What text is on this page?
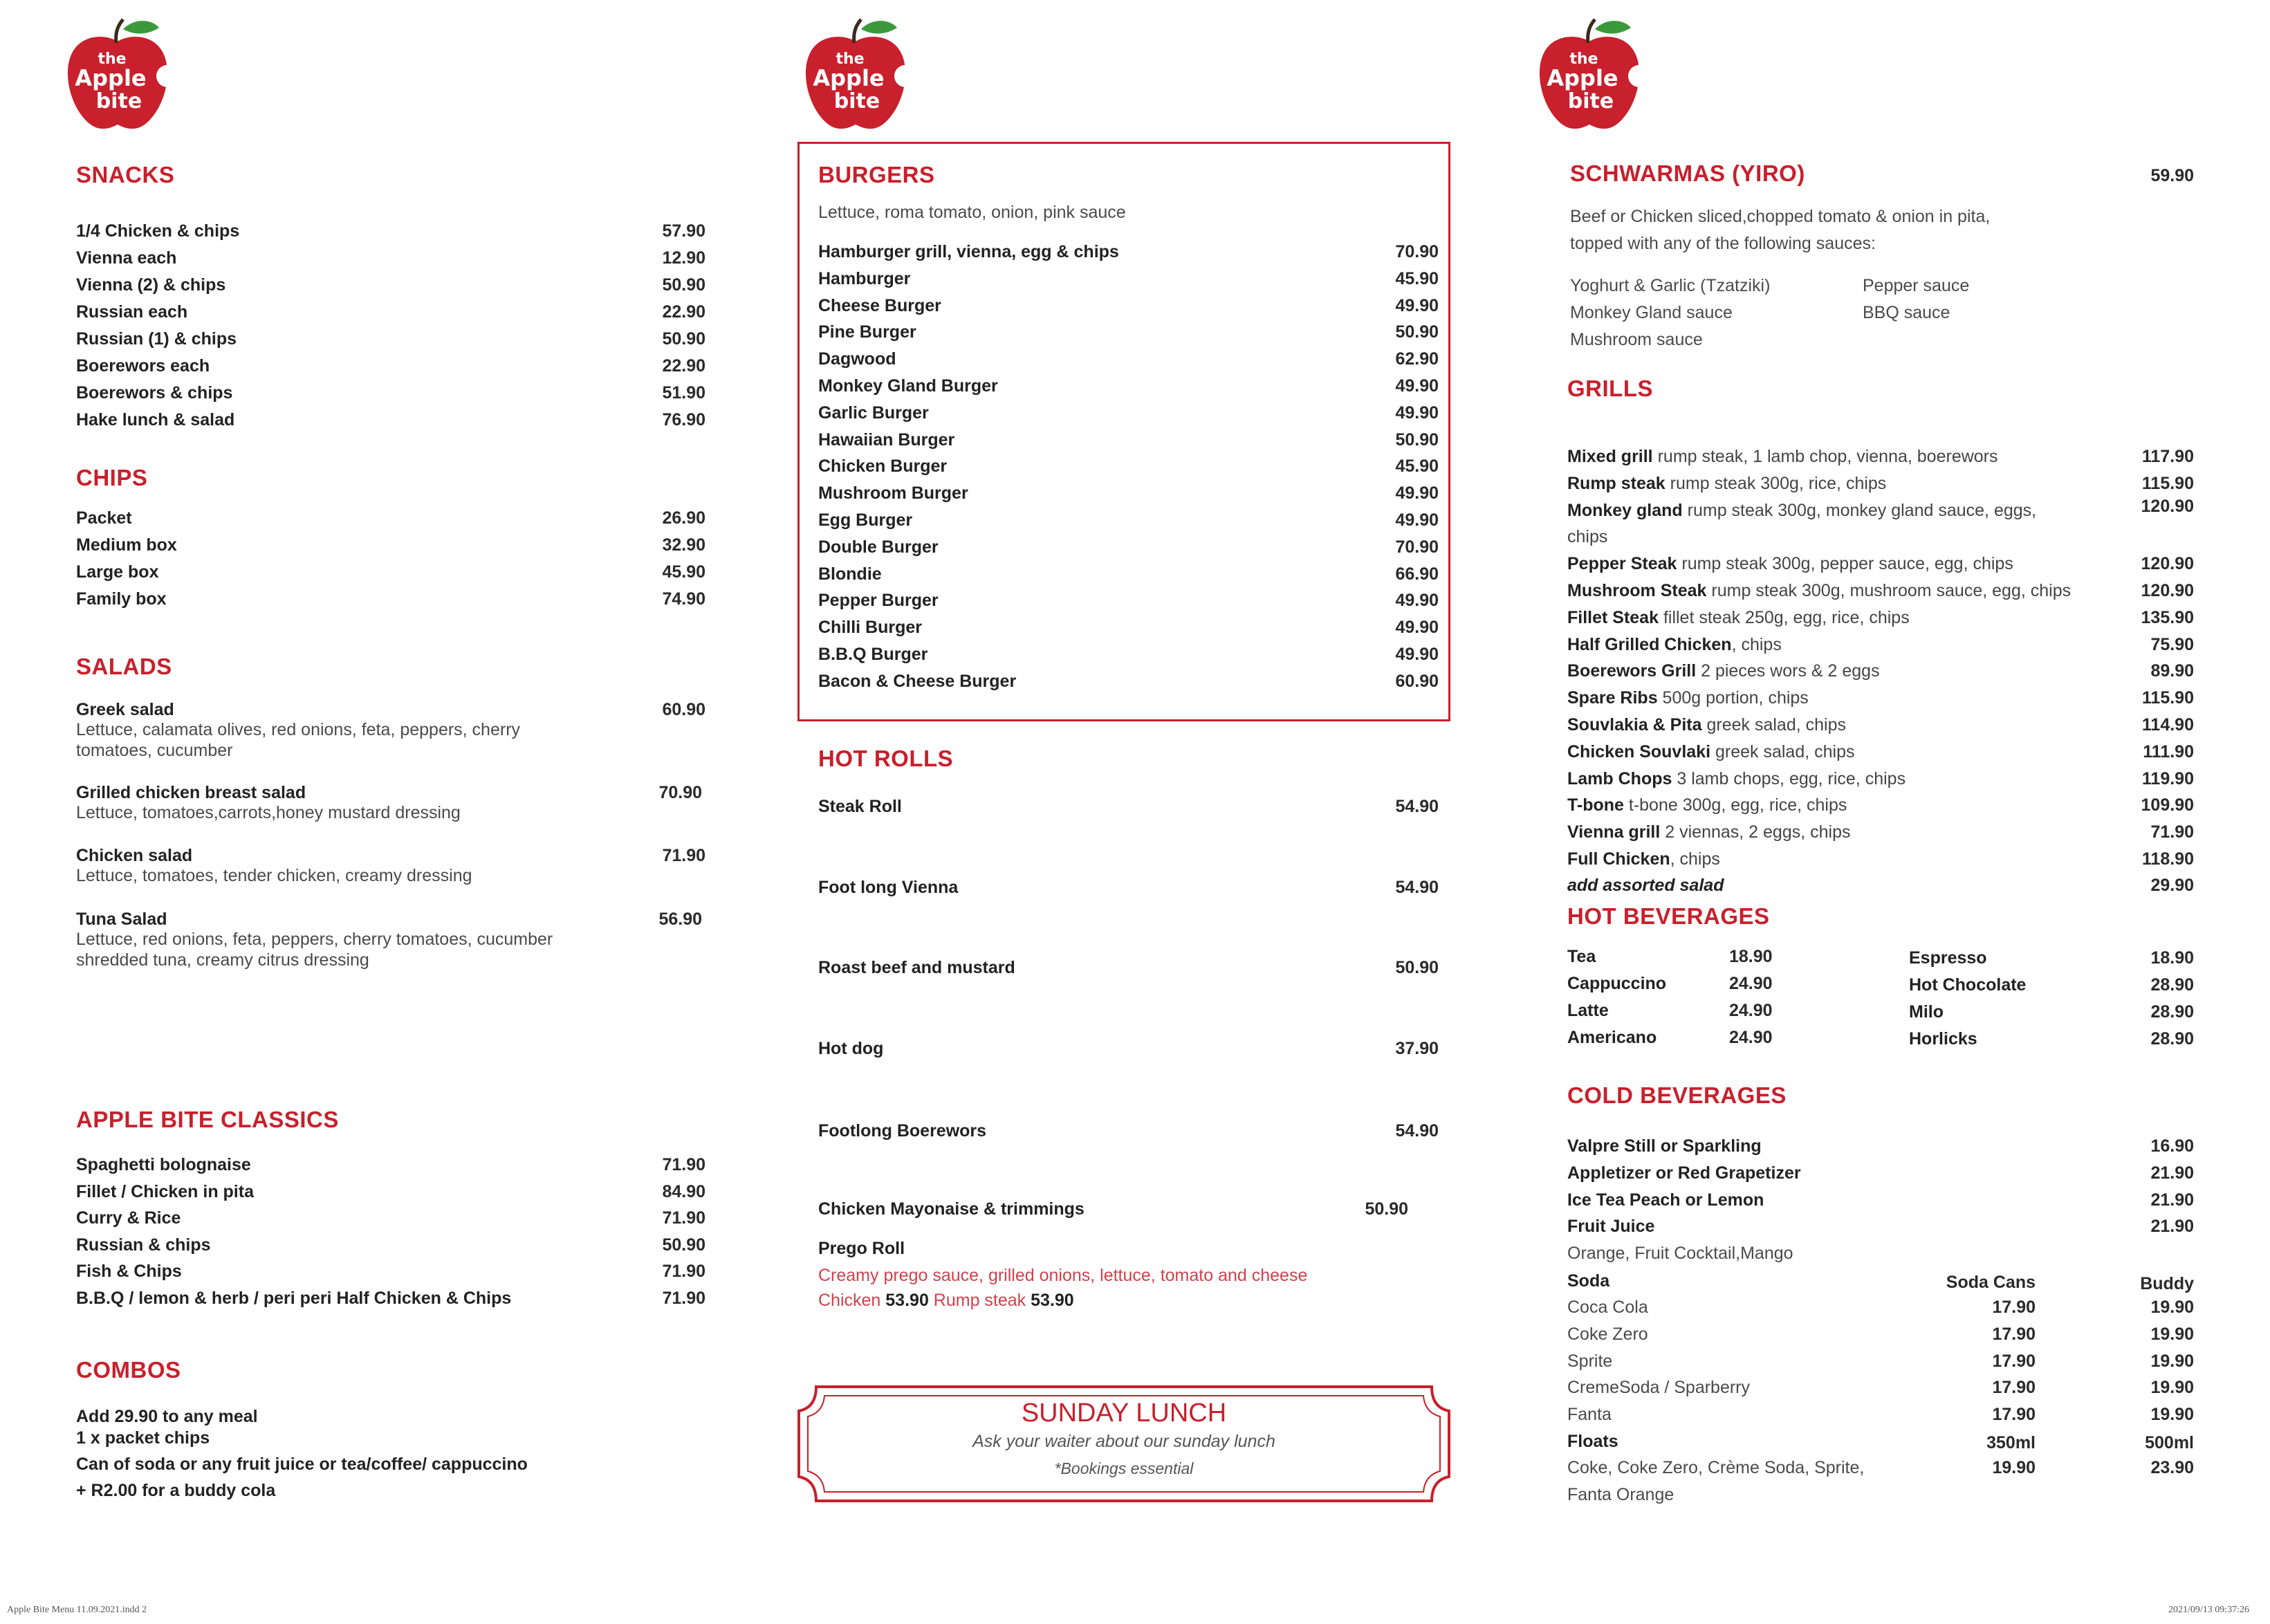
the
Apple
bite
SNACKS
CHIPS
SALADS
APPLE BITE CLASSICS
COMBOS
1/4 Chicken & chips	57.90
Vienna each	12.90
Vienna (2) & chips	50.90
Russian each	22.90
Russian (1) & chips	50.90
Boerewors each	22.90
Boerewors & chips	51.90
Hake lunch & salad	76.90
Packet	26.90
Medium box	32.90
Large box	45.90
Family box	74.90
Greek salad	60.90
Lettuce, calamata olives, red onions, feta, peppers, cherry
tomatoes, cucumber
Grilled chicken breast salad	70.90
Lettuce, tomatoes,carrots,honey mustard dressing
Chicken salad	71.90
Lettuce, tomatoes, tender chicken, creamy dressing
Tuna Salad	56.90
Lettuce, red onions, feta, peppers, cherry tomatoes, cucumber
shredded tuna, creamy citrus dressing
Spaghetti bolognaise	71.90
Fillet / Chicken in pita	84.90
Curry & Rice	71.90
Russian & chips	50.90
Fish & Chips	71.90
B.B.Q / lemon & herb / peri peri Half Chicken & Chips	71.90
Add 29.90 to any meal
1 x packet chips
Can of soda or any fruit juice or tea/coffee/ cappuccino
+ R2.00 for a buddy cola
the
Apple
bite
BURGERS
Lettuce, roma tomato, onion, pink sauce
HOT ROLLS
Prego Roll
Creamy prego sauce, grilled onions, lettuce, tomato and cheese
Chicken 53.90 Rump steak 53.90
Hamburger grill, vienna, egg & chips	70.90
Hamburger	45.90
Cheese Burger	49.90
Pine Burger	50.90
Dagwood	62.90
Monkey Gland Burger	49.90
Garlic Burger	49.90
Hawaiian Burger	50.90
Chicken Burger	45.90
Mushroom Burger	49.90
Egg Burger	49.90
Double Burger	70.90
Blondie	66.90
Pepper Burger	49.90
Chilli Burger	49.90
B.B.Q Burger	49.90
Bacon & Cheese Burger	60.90
Steak Roll	54.90
Foot long Vienna	54.90
Roast beef and mustard	50.90
Hot dog	37.90
Footlong Boerewors	54.90
Chicken Mayonaise & trimmings	50.90
SUNDAY LUNCH
Ask your waiter about our sunday lunch
*Bookings essential
the
Apple
bite
SCHWARMAS (YIRO)	59.90
Beef or Chicken sliced,chopped tomato & onion in pita,
topped with any of the following sauces:
GRILLS
HOT BEVERAGES
COLD BEVERAGES
Yoghurt & Garlic (Tzatziki)
Monkey Gland sauce
Mushroom sauce
Pepper sauce
BBQ sauce
Mixed grill rump steak, 1 lamb chop, vienna, boerewors	117.90
Rump steak rump steak 300g, rice, chips	115.90
Monkey gland rump steak 300g, monkey gland sauce, eggs,	120.90
chips
Pepper Steak rump steak 300g, pepper sauce, egg, chips	120.90
Mushroom Steak rump steak 300g, mushroom sauce, egg, chips	120.90
Fillet Steak fillet steak 250g, egg, rice, chips	135.90
Half Grilled Chicken, chips	75.90
Boerewors Grill 2 pieces wors & 2 eggs	89.90
Spare Ribs 500g portion, chips	115.90
Souvlakia & Pita greek salad, chips	114.90
Chicken Souvlaki greek salad, chips	111.90
Lamb Chops 3 lamb chops, egg, rice, chips	119.90
T-bone t-bone 300g, egg, rice, chips	109.90
Vienna grill 2 viennas, 2 eggs, chips	71.90
Full Chicken, chips	118.90
add assorted salad	29.90
Tea	18.90
Cappuccino	24.90
Latte	24.90
Americano	24.90
Espresso	18.90
Hot Chocolate	28.90
Milo	28.90
Horlicks	28.90
Valpre Still or Sparkling	16.90
Appletizer or Red Grapetizer	21.90
Ice Tea Peach or Lemon	21.90
Fruit Juice	21.90
Orange, Fruit Cocktail,Mango
Soda	Soda Cans	Buddy
Coca Cola	17.90	19.90
Coke Zero	17.90	19.90
Sprite	17.90	19.90
CremeSoda / Sparberry	17.90	19.90
Fanta	17.90	19.90
Floats	350ml	500ml
Coke, Coke Zero, Crème Soda, Sprite,	19.90	23.90
Fanta Orange
Apple Bite Menu 11.09.2021.indd 2	2021/09/13 09:37:26
